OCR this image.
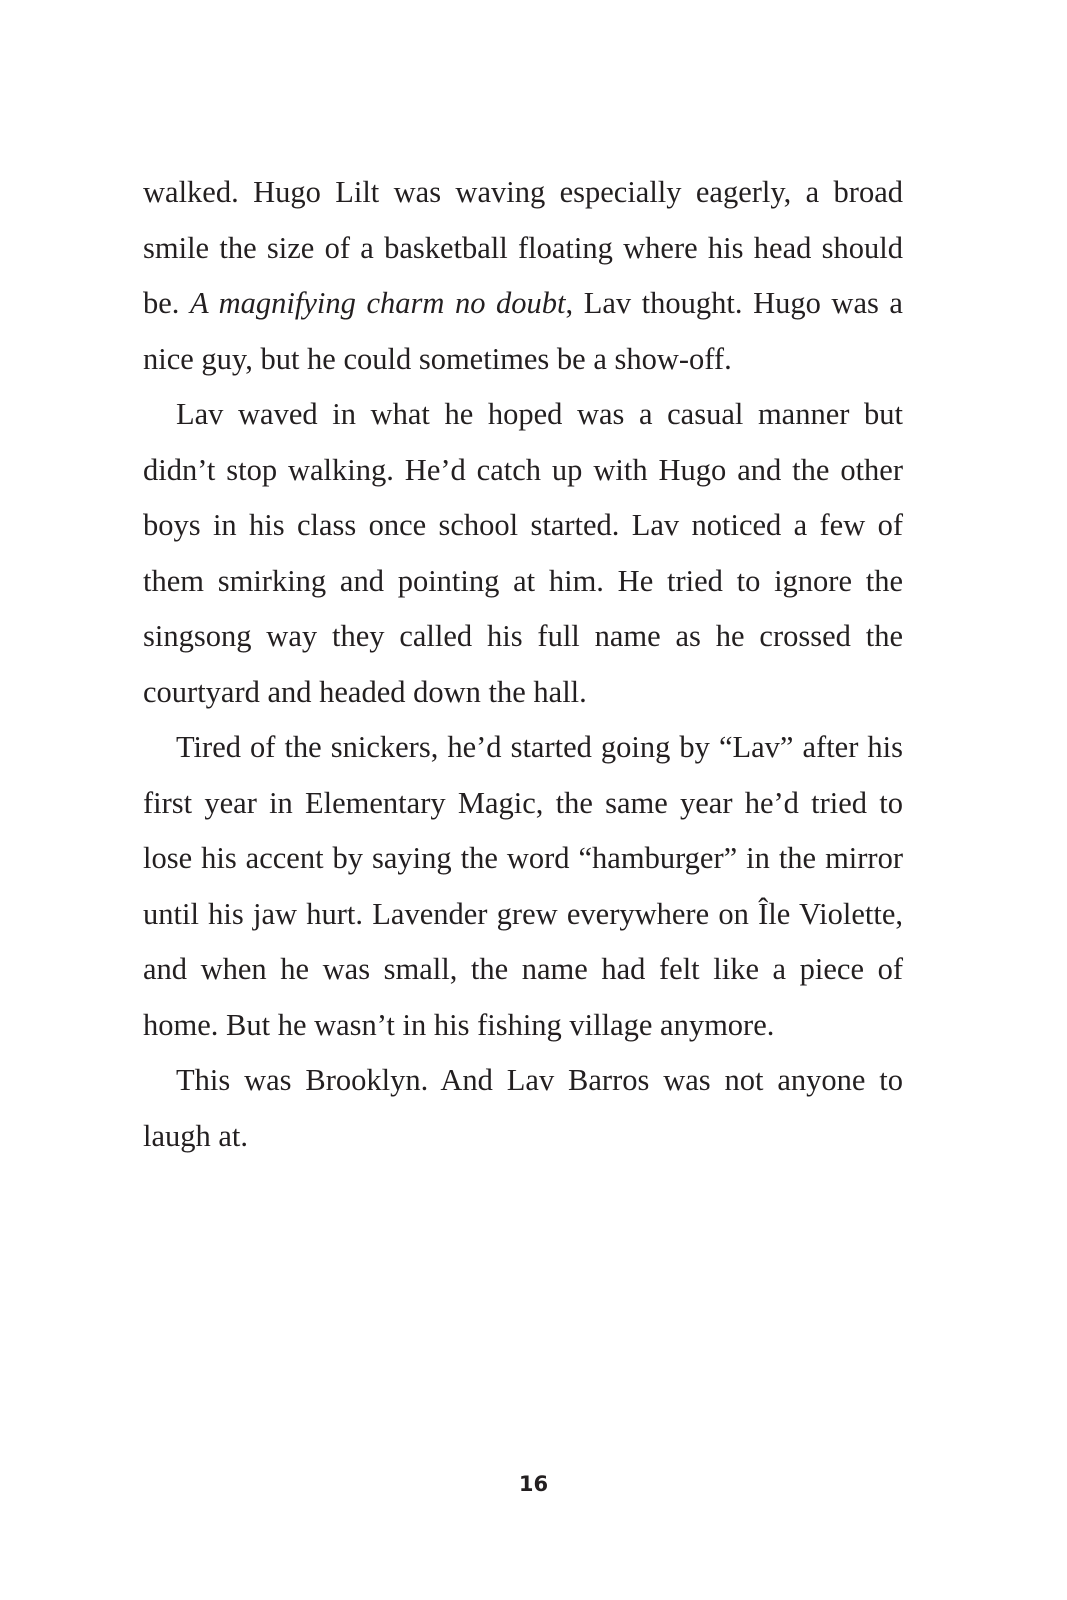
walked. Hugo Lilt was waving especially eagerly, a broad smile the size of a basketball floating where his head should be. A magnifying charm no doubt, Lav thought. Hugo was a nice guy, but he could sometimes be a show-off.

Lav waved in what he hoped was a casual manner but didn’t stop walking. He’d catch up with Hugo and the other boys in his class once school started. Lav noticed a few of them smirking and pointing at him. He tried to ignore the singsong way they called his full name as he crossed the courtyard and headed down the hall.

Tired of the snickers, he’d started going by “Lav” after his first year in Elementary Magic, the same year he’d tried to lose his accent by saying the word “hamburger” in the mirror until his jaw hurt. Lavender grew everywhere on Île Violette, and when he was small, the name had felt like a piece of home. But he wasn’t in his fishing village anymore.

This was Brooklyn. And Lav Barros was not anyone to laugh at.

16
